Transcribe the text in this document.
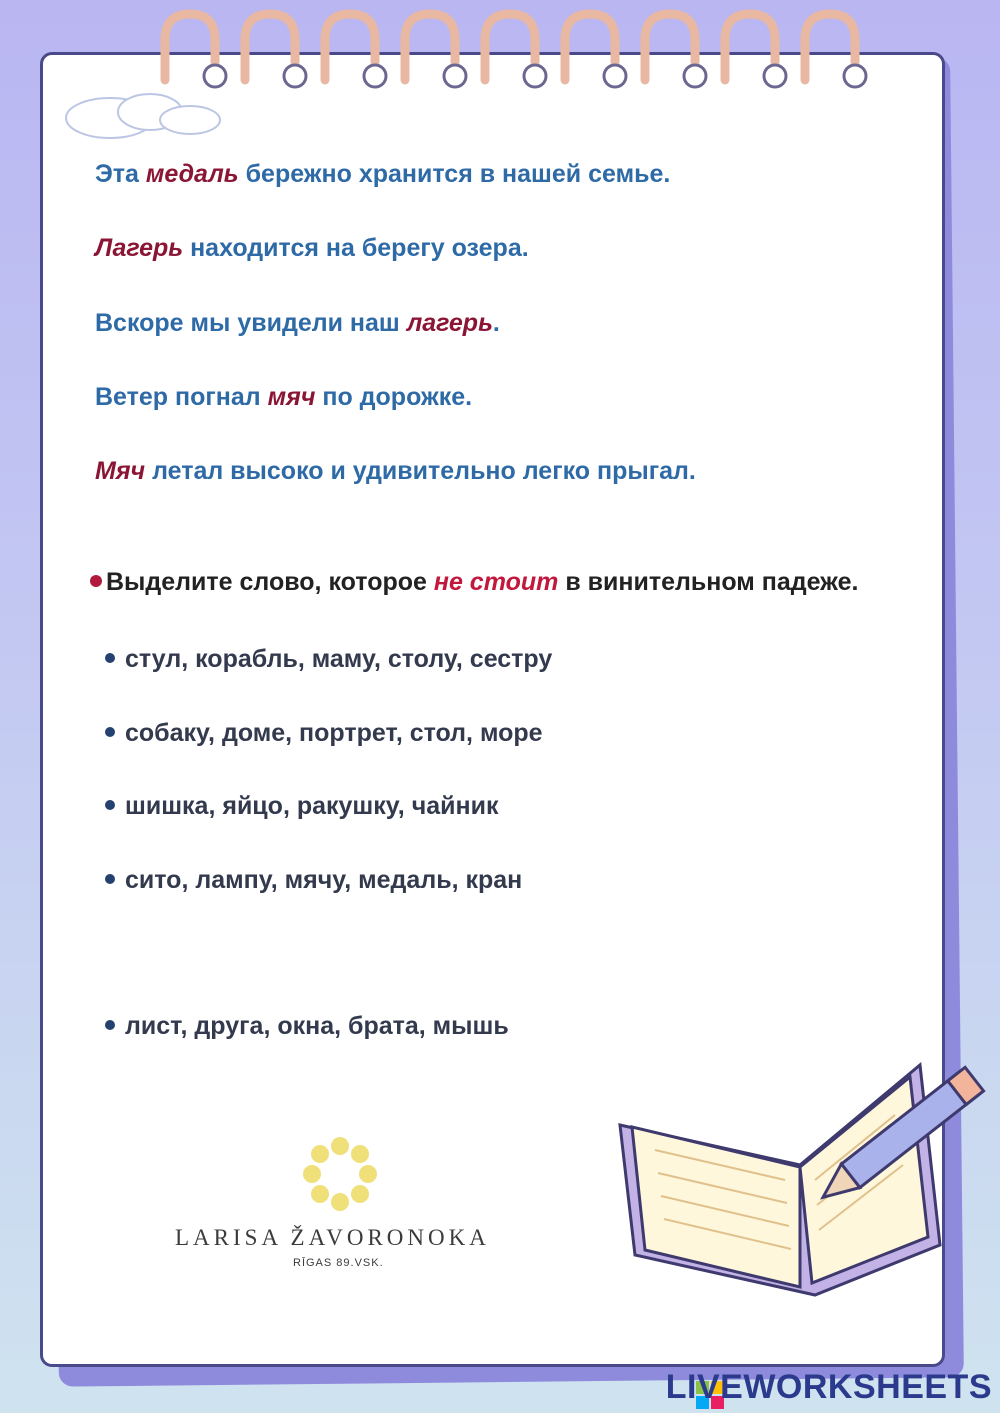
Эта медаль бережно хранится в нашей семье.
Лагерь находится на берегу озера.
Вскоре мы увидели наш лагерь.
Ветер погнал мяч по дорожке.
Мяч летал высоко и удивительно легко прыгал.
Выделите слово, которое не стоит в винительном падеже.
стул, корабль, маму, столу, сестру
собаку, доме, портрет, стол, море
шишка, яйцо, ракушку, чайник
сито, лампу, мячу, медаль, кран
лист, друга, окна, брата, мышь
LARISA ŽAVORONOKA
RĪGAS 89.VSK.
LIVEWORKSHEETS
